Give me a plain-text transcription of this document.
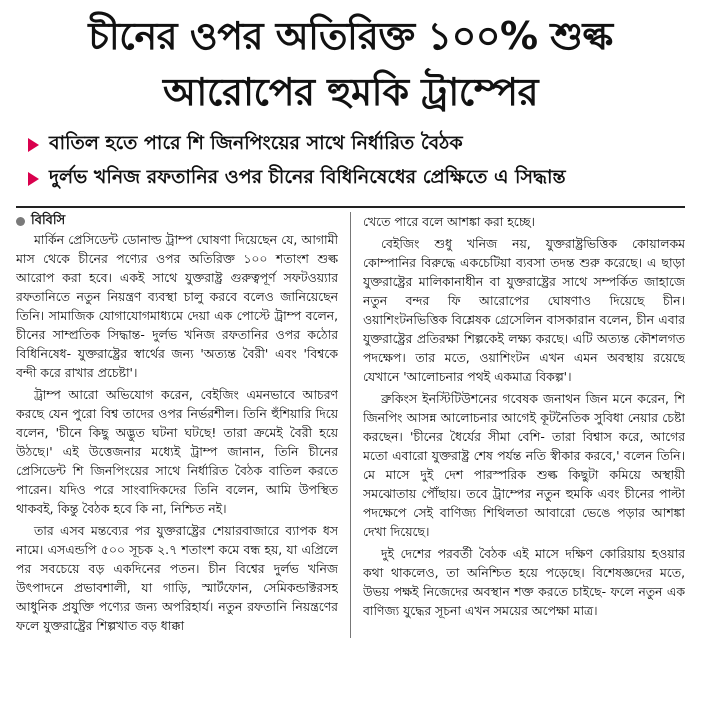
চীনের ওপর অতিরিক্ত ১০০% শুল্ক
আরোপের হুমকি ট্রাম্পের
বাতিল হতে পারে শি জিনপিংয়ের সাথে নির্ধারিত বৈঠক
দুর্লভ খনিজ রফতানির ওপর চীনের বিধিনিষেধের প্রেক্ষিতে এ সিদ্ধান্ত
বিবিসি

মার্কিন প্রেসিডেন্ট ডোনাল্ড ট্রাম্প ঘোষণা দিয়েছেন যে, আগামী মাস থেকে চীনের পণ্যের ওপর অতিরিক্ত ১০০ শতাংশ শুল্ক আরোপ করা হবে। একই সাথে যুক্তরাষ্ট্র গুরুত্বপূর্ণ সফটওয়্যার রফতানিতে নতুন নিয়ন্ত্রণ ব্যবস্থা চালু করবে বলেও জানিয়েছেন তিনি। সামাজিক যোগাযোগমাধ্যমে দেয়া এক পোস্টে ট্রাম্প বলেন, চীনের সাম্প্রতিক সিদ্ধান্ত- দুর্লভ খনিজ রফতানির ওপর কঠোর বিধিনিষেধ- যুক্তরাষ্ট্রের স্বার্থের জন্য 'অত্যন্ত বৈরী' এবং 'বিশ্বকে বন্দী করে রাখার প্রচেষ্টা'।

ট্রাম্প আরো অভিযোগ করেন, বেইজিং এমনভাবে আচরণ করছে যেন পুরো বিশ্ব তাদের ওপর নির্ভরশীল। তিনি হুঁশিয়ারি দিয়ে বলেন, 'চীনে কিছু অদ্ভুত ঘটনা ঘটছে! তারা ক্রমেই বৈরী হয়ে উঠছে।' এই উত্তেজনার মধ্যেই ট্রাম্প জানান, তিনি চীনের প্রেসিডেন্ট শি জিনপিংয়ের সাথে নির্ধারিত বৈঠক বাতিল করতে পারেন। যদিও পরে সাংবাদিকদের তিনি বলেন, আমি উপস্থিত থাকবই, কিন্তু বৈঠক হবে কি না, নিশ্চিত নই।

তার এসব মন্তব্যের পর যুক্তরাষ্ট্রের শেয়ারবাজারে ব্যাপক ধস নামে। এসএন্ডপি ৫০০ সূচক ২.৭ শতাংশ কমে বন্ধ হয়, যা এপ্রিলে পর সবচেয়ে বড় একদিনের পতন। চীন বিশ্বের দুর্লভ খনিজ উৎপাদনে প্রভাবশালী, যা গাড়ি, স্মার্টফোন, সেমিকন্ডাক্টরসহ আধুনিক প্রযুক্তি পণ্যের জন্য অপরিহার্য। নতুন রফতানি নিয়ন্ত্রণের ফলে যুক্তরাষ্ট্রের শিল্পখাত বড় ধাক্কা

খেতে পারে বলে আশঙ্কা করা হচ্ছে।

বেইজিং শুধু খনিজ নয়, যুক্তরাষ্ট্রভিত্তিক কোয়ালকম কোম্পানির বিরুদ্ধে একচেটিয়া ব্যবসা তদন্ত শুরু করেছে। এ ছাড়া যুক্তরাষ্ট্রের মালিকানাধীন বা যুক্তরাষ্ট্রের সাথে সম্পর্কিত জাহাজে নতুন বন্দর ফি আরোপের ঘোষণাও দিয়েছে চীন। ওয়াশিংটনভিত্তিক বিশ্লেষক গ্রেসেলিন বাসকারান বলেন, চীন এবার যুক্তরাষ্ট্রের প্রতিরক্ষা শিল্পকেই লক্ষ্য করছে। এটি অত্যন্ত কৌশলগত পদক্ষেপ। তার মতে, ওয়াশিংটন এখন এমন অবস্থায় রয়েছে যেখানে 'আলোচনার পথই একমাত্র বিকল্প'।

ব্রুকিংস ইনস্টিটিউশনের গবেষক জনাথন জিন মনে করেন, শি জিনপিং আসন্ন আলোচনার আগেই কূটনৈতিক সুবিধা নেয়ার চেষ্টা করছেন। 'চীনের ধৈর্যের সীমা বেশি- তারা বিশ্বাস করে, আগের মতো এবারো যুক্তরাষ্ট্র শেষ পর্যন্ত নতি স্বীকার করবে,' বলেন তিনি। মে মাসে দুই দেশ পারস্পরিক শুল্ক কিছুটা কমিয়ে অস্থায়ী সমঝোতায় পৌঁছায়। তবে ট্রাম্পের নতুন হুমকি এবং চীনের পাল্টা পদক্ষেপে সেই বাণিজ্য শিথিলতা আবারো ভেঙে পড়ার আশঙ্কা দেখা দিয়েছে।

দুই দেশের পরবর্তী বৈঠক এই মাসে দক্ষিণ কোরিয়ায় হওয়ার কথা থাকলেও, তা অনিশ্চিত হয়ে পড়েছে। বিশেষজ্ঞদের মতে, উভয় পক্ষই নিজেদের অবস্থান শক্ত করতে চাইছে- ফলে নতুন এক বাণিজ্য যুদ্ধের সূচনা এখন সময়ের অপেক্ষা মাত্র।
